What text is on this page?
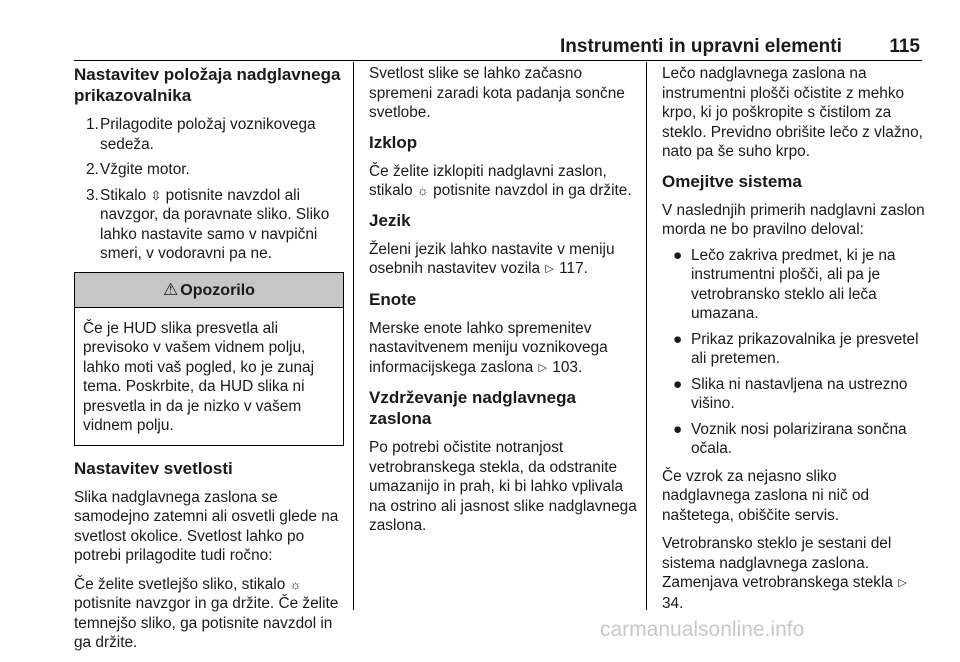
Instrumenti in upravni elementi	115
Nastavitev položaja nadglavnega prikazovalnika
1. Prilagodite položaj voznikovega sedeža.
2. Vžgite motor.
3. Stikalo ⇳ potisnite navzdol ali navzgor, da poravnate sliko. Sliko lahko nastavite samo v navpični smeri, v vodoravni pa ne.
⚠ Opozorilo
Če je HUD slika presvetla ali previsoko v vašem vidnem polju, lahko moti vaš pogled, ko je zunaj tema. Poskrbite, da HUD slika ni presvetla in da je nizko v vašem vidnem polju.
Nastavitev svetlosti

Slika nadglavnega zaslona se samodejno zatemni ali osvetli glede na svetlost okolice. Svetlost lahko po potrebi prilagodite tudi ročno:

Če želite svetlejšo sliko, stikalo ☼ potisnite navzgor in ga držite. Če želite temnejšo sliko, ga potisnite navzdol in ga držite.

Svetlost slike se lahko začasno spremeni zaradi kota padanja sončne svetlobe.

Izklop

Če želite izklopiti nadglavni zaslon, stikalo ☼ potisnite navzdol in ga držite.

Jezik

Želeni jezik lahko nastavite v meniju osebnih nastavitev vozila ▷ 117.

Enote

Merske enote lahko spremenitev nastavitvenem meniju voznikovega informacijskega zaslona ▷ 103.

Vzdrževanje nadglavnega zaslona

Po potrebi očistite notranjost vetrobranskega stekla, da odstranite umazanijo in prah, ki bi lahko vplivala na ostrino ali jasnost slike nadglavnega zaslona.

Lečo nadglavnega zaslona na instrumentni plošči očistite z mehko krpo, ki jo poškropite s čistilom za steklo. Previdno obrišite lečo z vlažno, nato pa še suho krpo.

Omejitve sistema

V naslednjih primerih nadglavni zaslon morda ne bo pravilno deloval:

● Lečo zakriva predmet, ki je na instrumentni plošči, ali pa je vetrobransko steklo ali leča umazana.
● Prikaz prikazovalnika je presvetel ali pretemen.
● Slika ni nastavljena na ustrezno višino.
● Voznik nosi polarizirana sončna očala.

Če vzrok za nejasno sliko nadglavnega zaslona ni nič od naštetega, obiščite servis.

Vetrobransko steklo je sestani del sistema nadglavnega zaslona. Zamenjava vetrobranskega stekla ▷ 34.

carmanualsonline.info
